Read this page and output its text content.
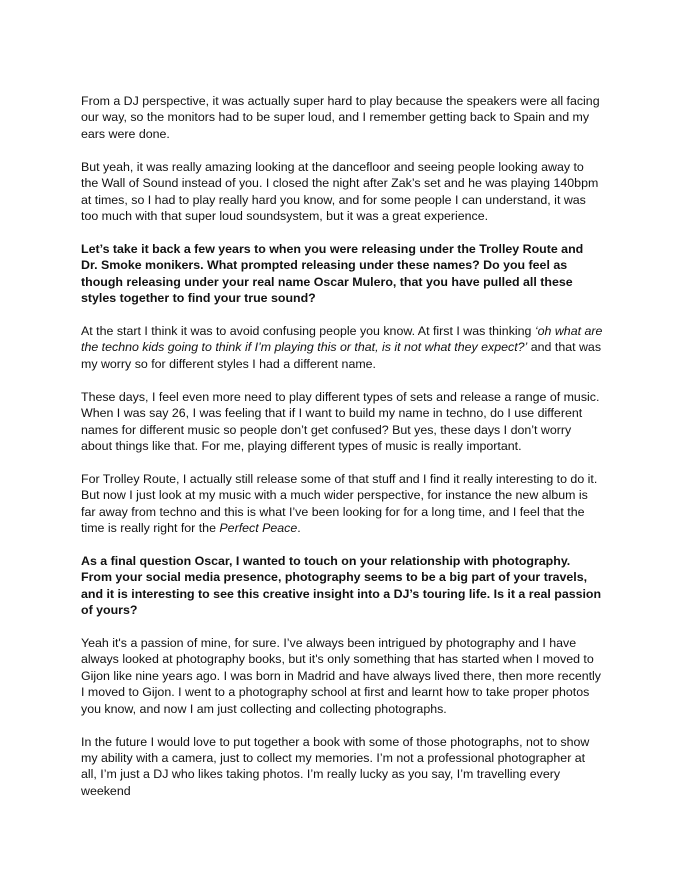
From a DJ perspective, it was actually super hard to play because the speakers were all facing our way, so the monitors had to be super loud, and I remember getting back to Spain and my ears were done.

But yeah, it was really amazing looking at the dancefloor and seeing people looking away to the Wall of Sound instead of you. I closed the night after Zak’s set and he was playing 140bpm at times, so I had to play really hard you know, and for some people I can understand, it was too much with that super loud soundsystem, but it was a great experience.

Let’s take it back a few years to when you were releasing under the Trolley Route and Dr. Smoke monikers. What prompted releasing under these names? Do you feel as though releasing under your real name Oscar Mulero, that you have pulled all these styles together to find your true sound?

At the start I think it was to avoid confusing people you know. At first I was thinking ‘oh what are the techno kids going to think if I’m playing this or that, is it not what they expect?’ and that was my worry so for different styles I had a different name.

These days, I feel even more need to play different types of sets and release a range of music. When I was say 26, I was feeling that if I want to build my name in techno, do I use different names for different music so people don’t get confused? But yes, these days I don’t worry about things like that. For me, playing different types of music is really important.

For Trolley Route, I actually still release some of that stuff and I find it really interesting to do it. But now I just look at my music with a much wider perspective, for instance the new album is far away from techno and this is what I’ve been looking for for a long time, and I feel that the time is really right for the Perfect Peace.

As a final question Oscar, I wanted to touch on your relationship with photography. From your social media presence, photography seems to be a big part of your travels, and it is interesting to see this creative insight into a DJ’s touring life. Is it a real passion of yours?

Yeah it's a passion of mine, for sure. I’ve always been intrigued by photography and I have always looked at photography books, but it's only something that has started when I moved to Gijon like nine years ago. I was born in Madrid and have always lived there, then more recently I moved to Gijon. I went to a photography school at first and learnt how to take proper photos you know, and now I am just collecting and collecting photographs.

In the future I would love to put together a book with some of those photographs, not to show my ability with a camera, just to collect my memories. I’m not a professional photographer at all, I’m just a DJ who likes taking photos. I’m really lucky as you say, I’m travelling every weekend
